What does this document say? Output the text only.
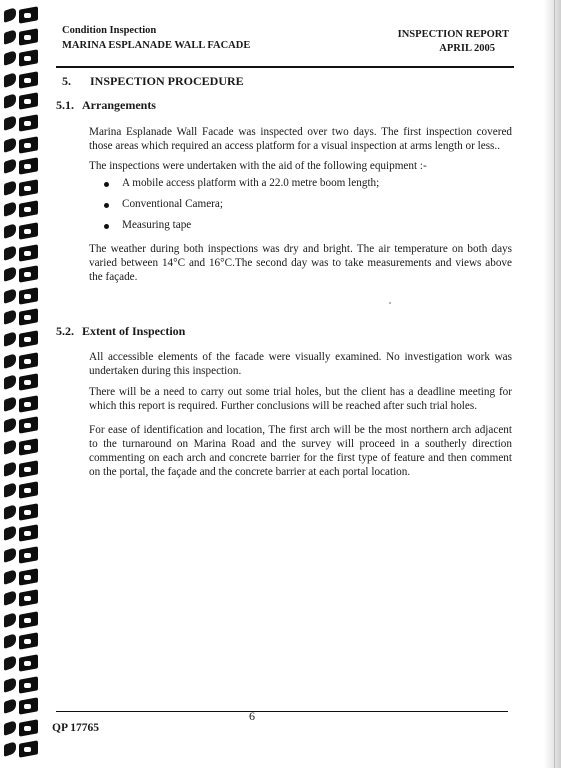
Condition Inspection
MARINA ESPLANADE WALL FACADE
INSPECTION REPORT
APRIL 2005
5. INSPECTION PROCEDURE
5.1. Arrangements
Marina Esplanade Wall Facade was inspected over two days. The first inspection covered those areas which required an access platform for a visual inspection at arms length or less..
The inspections were undertaken with the aid of the following equipment :-
A mobile access platform with a 22.0 metre boom length;
Conventional Camera;
Measuring tape
The weather during both inspections was dry and bright. The air temperature on both days varied between 14°C and 16°C.The second day was to take measurements and views above the façade.
5.2. Extent of Inspection
All accessible elements of the facade were visually examined. No investigation work was undertaken during this inspection.
There will be a need to carry out some trial holes, but the client has a deadline meeting for which this report is required. Further conclusions will be reached after such trial holes.
For ease of identification and location, The first arch will be the most northern arch adjacent to the turnaround on Marina Road and the survey will proceed in a southerly direction commenting on each arch and concrete barrier for the first type of feature and then comment on the portal, the façade and the concrete barrier at each portal location.
6
QP 17765
